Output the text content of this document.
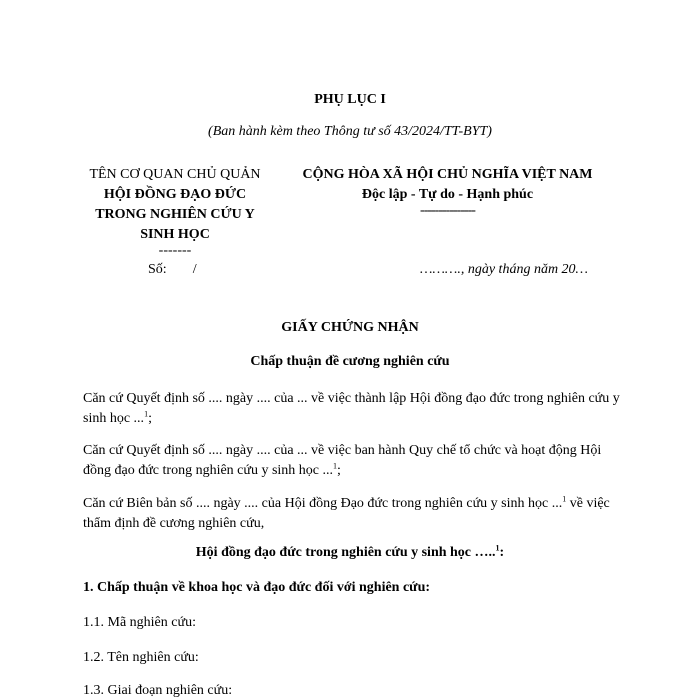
PHỤ LỤC I
(Ban hành kèm theo Thông tư số 43/2024/TT-BYT)
TÊN CƠ QUAN CHỦ QUẢN
HỘI ĐỒNG ĐẠO ĐỨC
TRONG NGHIÊN CỨU Y
SINH HỌC
-------
CỘNG HÒA XÃ HỘI CHỦ NGHĨA VIỆT NAM
Độc lập - Tự do - Hạnh phúc
---------------
Số: /	………., ngày tháng năm 20…
GIẤY CHỨNG NHẬN
Chấp thuận đề cương nghiên cứu
Căn cứ Quyết định số .... ngày .... của ... về việc thành lập Hội đồng đạo đức trong nghiên cứu y sinh học ...$^1$;
Căn cứ Quyết định số .... ngày .... của ... về việc ban hành Quy chế tổ chức và hoạt động Hội đồng đạo đức trong nghiên cứu y sinh học ...$^1$;
Căn cứ Biên bản số .... ngày .... của Hội đồng Đạo đức trong nghiên cứu y sinh học ...$^1$ về việc thẩm định đề cương nghiên cứu,
Hội đồng đạo đức trong nghiên cứu y sinh học …..$^1$:
1. Chấp thuận về khoa học và đạo đức đối với nghiên cứu:
1.1. Mã nghiên cứu:
1.2. Tên nghiên cứu:
1.3. Giai đoạn nghiên cứu:
